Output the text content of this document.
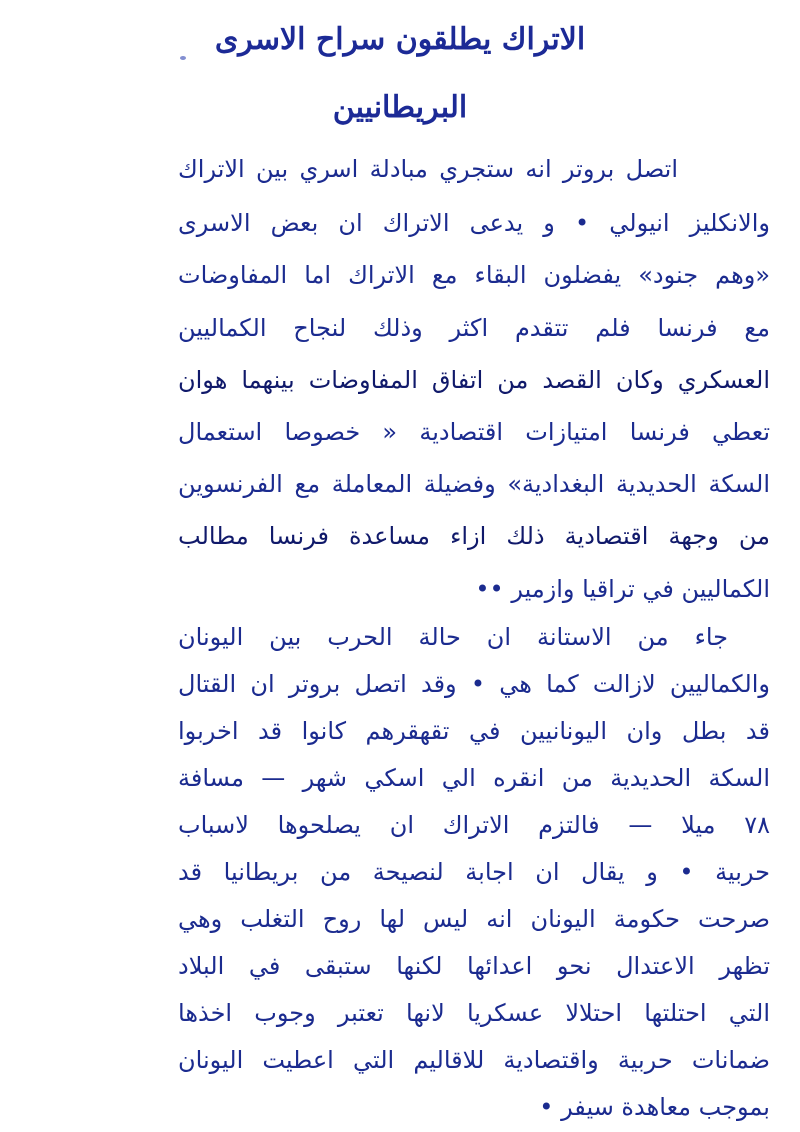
الاتراك يطلقون سراح الاسرى
البريطانيين
اتصل بروتر انه ستجري مبادلة اسري بين الاتراك
والانكليز انيولي • و يدعى الاتراك ان بعض الاسرى
«وهم جنود» يفضلون البقاء مع الاتراك اما المفاوضات
مع فرنسا فلم تتقدم اكثر وذلك لنجاح الكماليين
العسكري وكان القصد من اتفاق المفاوضات بينهما هوان
تعطي فرنسا امتيازات اقتصادية « خصوصا استعمال
السكة الحديدية البغدادية» وفضيلة المعاملة مع الفرنسوين
من وجهة اقتصادية ذلك ازاء مساعدة فرنسا مطالب
الكماليين في تراقيا وازمير ••
جاء من الاستانة ان حالة الحرب بين اليونان
والكماليين لازالت كما هي • وقد اتصل بروتر ان القتال
قد بطل وان اليونانيين في تقهقرهم كانوا قد اخربوا
السكة الحديدية من انقره الي اسكي شهر — مسافة
٧٨ ميلا — فالتزم الاتراك ان يصلحوها لاسباب
حربية • و يقال ان اجابة لنصيحة من بريطانيا قد
صرحت حكومة اليونان انه ليس لها روح التغلب وهي
تظهر الاعتدال نحو اعدائها لكنها ستبقى في البلاد
التي احتلتها احتلالا عسكريا لانها تعتبر وجوب اخذها
ضمانات حربية واقتصادية للاقاليم التي اعطيت اليونان
بموجب معاهدة سيفر •
